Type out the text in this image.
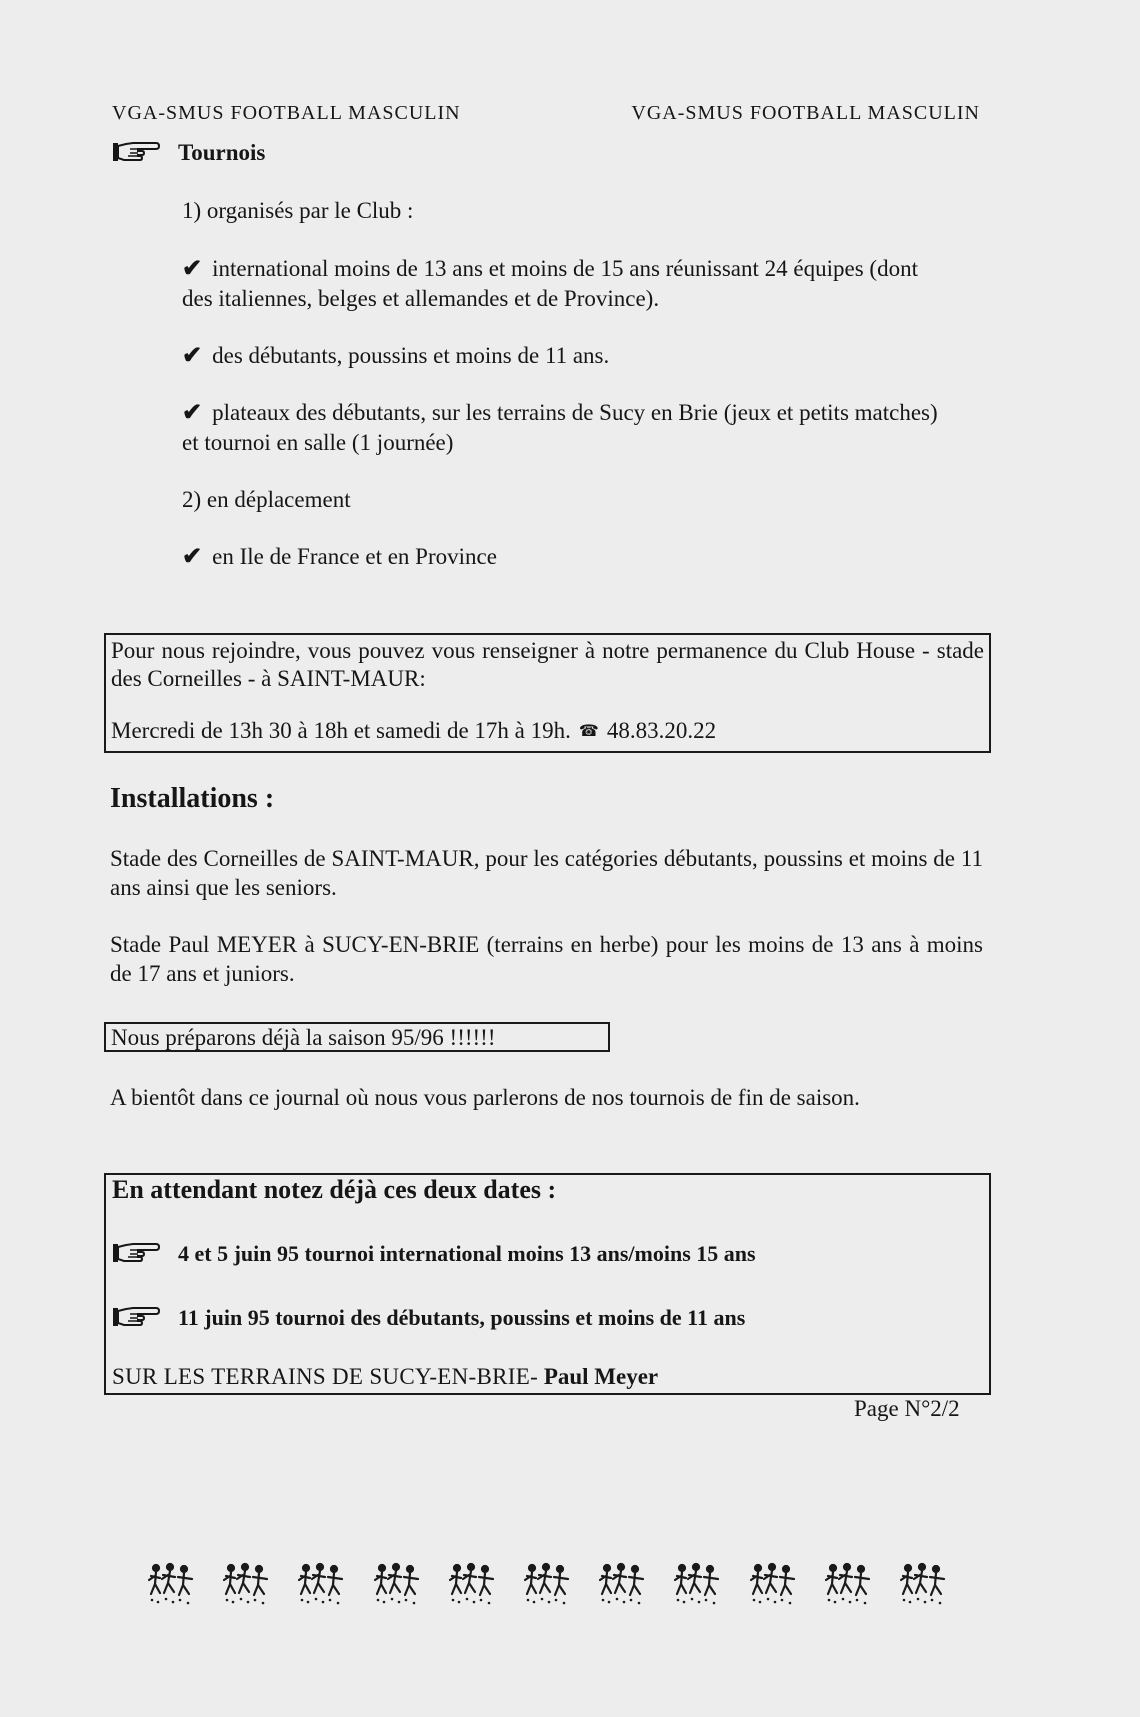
VGA-SMUS FOOTBALL MASCULIN	VGA-SMUS FOOTBALL MASCULIN
Tournois
1) organisés par le Club :
✔ international moins de 13 ans et moins de 15 ans réunissant 24 équipes (dont des italiennes, belges et allemandes et de Province).
✔ des débutants, poussins et moins de 11 ans.
✔ plateaux des débutants, sur les terrains de Sucy en Brie (jeux et petits matches) et tournoi en salle (1 journée)
2) en déplacement
✔ en Ile de France et en Province
Pour nous rejoindre, vous pouvez vous renseigner à notre permanence du Club House - stade des Corneilles - à SAINT-MAUR:
Mercredi de 13h 30 à 18h et samedi de 17h à 19h. ☎ 48.83.20.22
Installations :
Stade des Corneilles de SAINT-MAUR, pour les catégories débutants, poussins et moins de 11 ans ainsi que les seniors.
Stade Paul MEYER à SUCY-EN-BRIE (terrains en herbe) pour les moins de 13 ans à moins de 17 ans et juniors.
Nous préparons déjà la saison 95/96 !!!!!!
A bientôt dans ce journal où nous vous parlerons de nos tournois de fin de saison.
En attendant notez déjà ces deux dates :
4 et 5 juin 95 tournoi international moins 13 ans/moins 15 ans
11 juin 95 tournoi des débutants, poussins et moins de 11 ans
SUR LES TERRAINS DE SUCY-EN-BRIE- Paul Meyer
Page N°2/2
